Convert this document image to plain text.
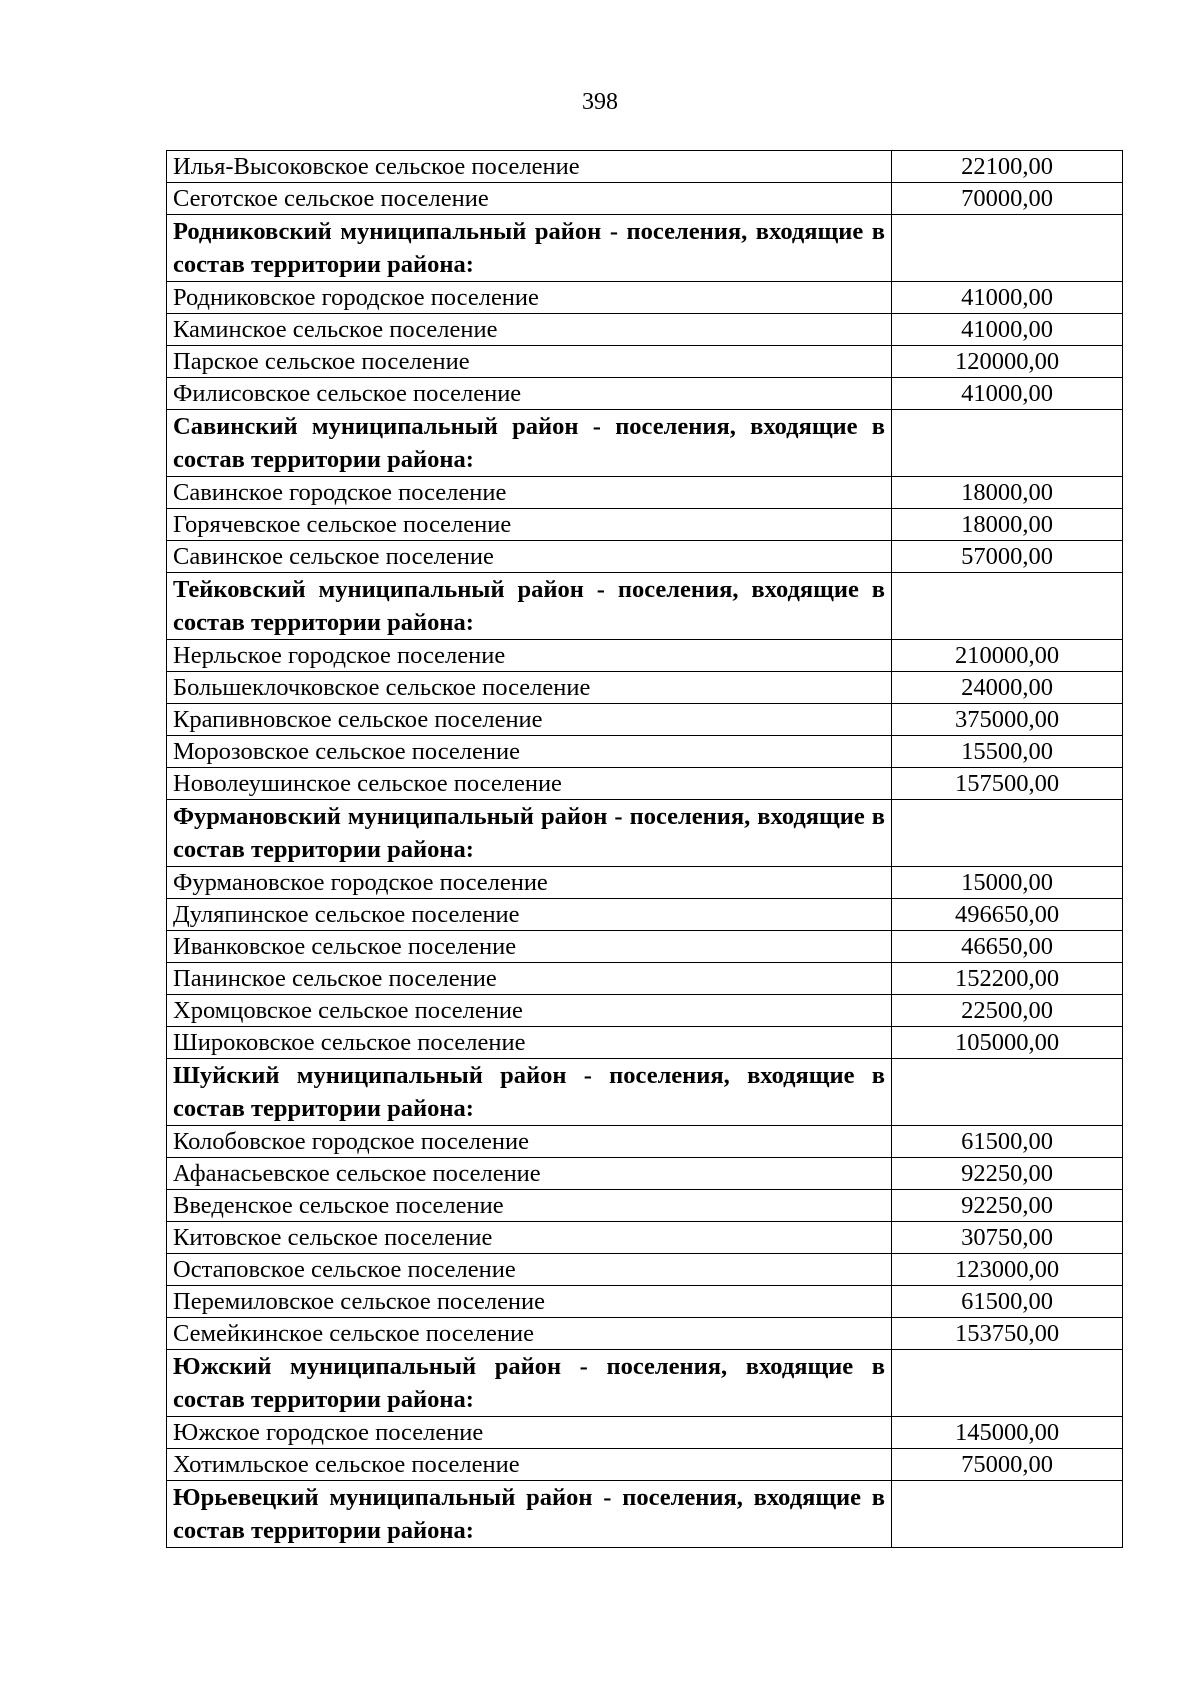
398
Илья-Высоковское сельское поселение	22100,00
Сеготское сельское поселение	70000,00
Родниковский муниципальный район - поселения, входящие в состав территории района:	
Родниковское городское поселение	41000,00
Каминское сельское поселение	41000,00
Парское сельское поселение	120000,00
Филисовское сельское поселение	41000,00
Савинский муниципальный район - поселения, входящие в состав территории района:	
Савинское городское поселение	18000,00
Горячевское сельское поселение	18000,00
Савинское сельское поселение	57000,00
Тейковский муниципальный район - поселения, входящие в состав территории района:	
Нерльское городское поселение	210000,00
Большеклочковское сельское поселение	24000,00
Крапивновское сельское поселение	375000,00
Морозовское сельское поселение	15500,00
Новолеушинское сельское поселение	157500,00
Фурмановский муниципальный район - поселения, входящие в состав территории района:	
Фурмановское городское поселение	15000,00
Дуляпинское сельское поселение	496650,00
Иванковское сельское поселение	46650,00
Панинское сельское поселение	152200,00
Хромцовское сельское поселение	22500,00
Широковское сельское поселение	105000,00
Шуйский муниципальный район - поселения, входящие в состав территории района:	
Колобовское городское поселение	61500,00
Афанасьевское сельское поселение	92250,00
Введенское сельское поселение	92250,00
Китовское сельское поселение	30750,00
Остаповское сельское поселение	123000,00
Перемиловское сельское поселение	61500,00
Семейкинское сельское поселение	153750,00
Южский муниципальный район - поселения, входящие в состав территории района:	
Южское городское поселение	145000,00
Хотимльское сельское поселение	75000,00
Юрьевецкий муниципальный район - поселения, входящие в состав территории района:	
